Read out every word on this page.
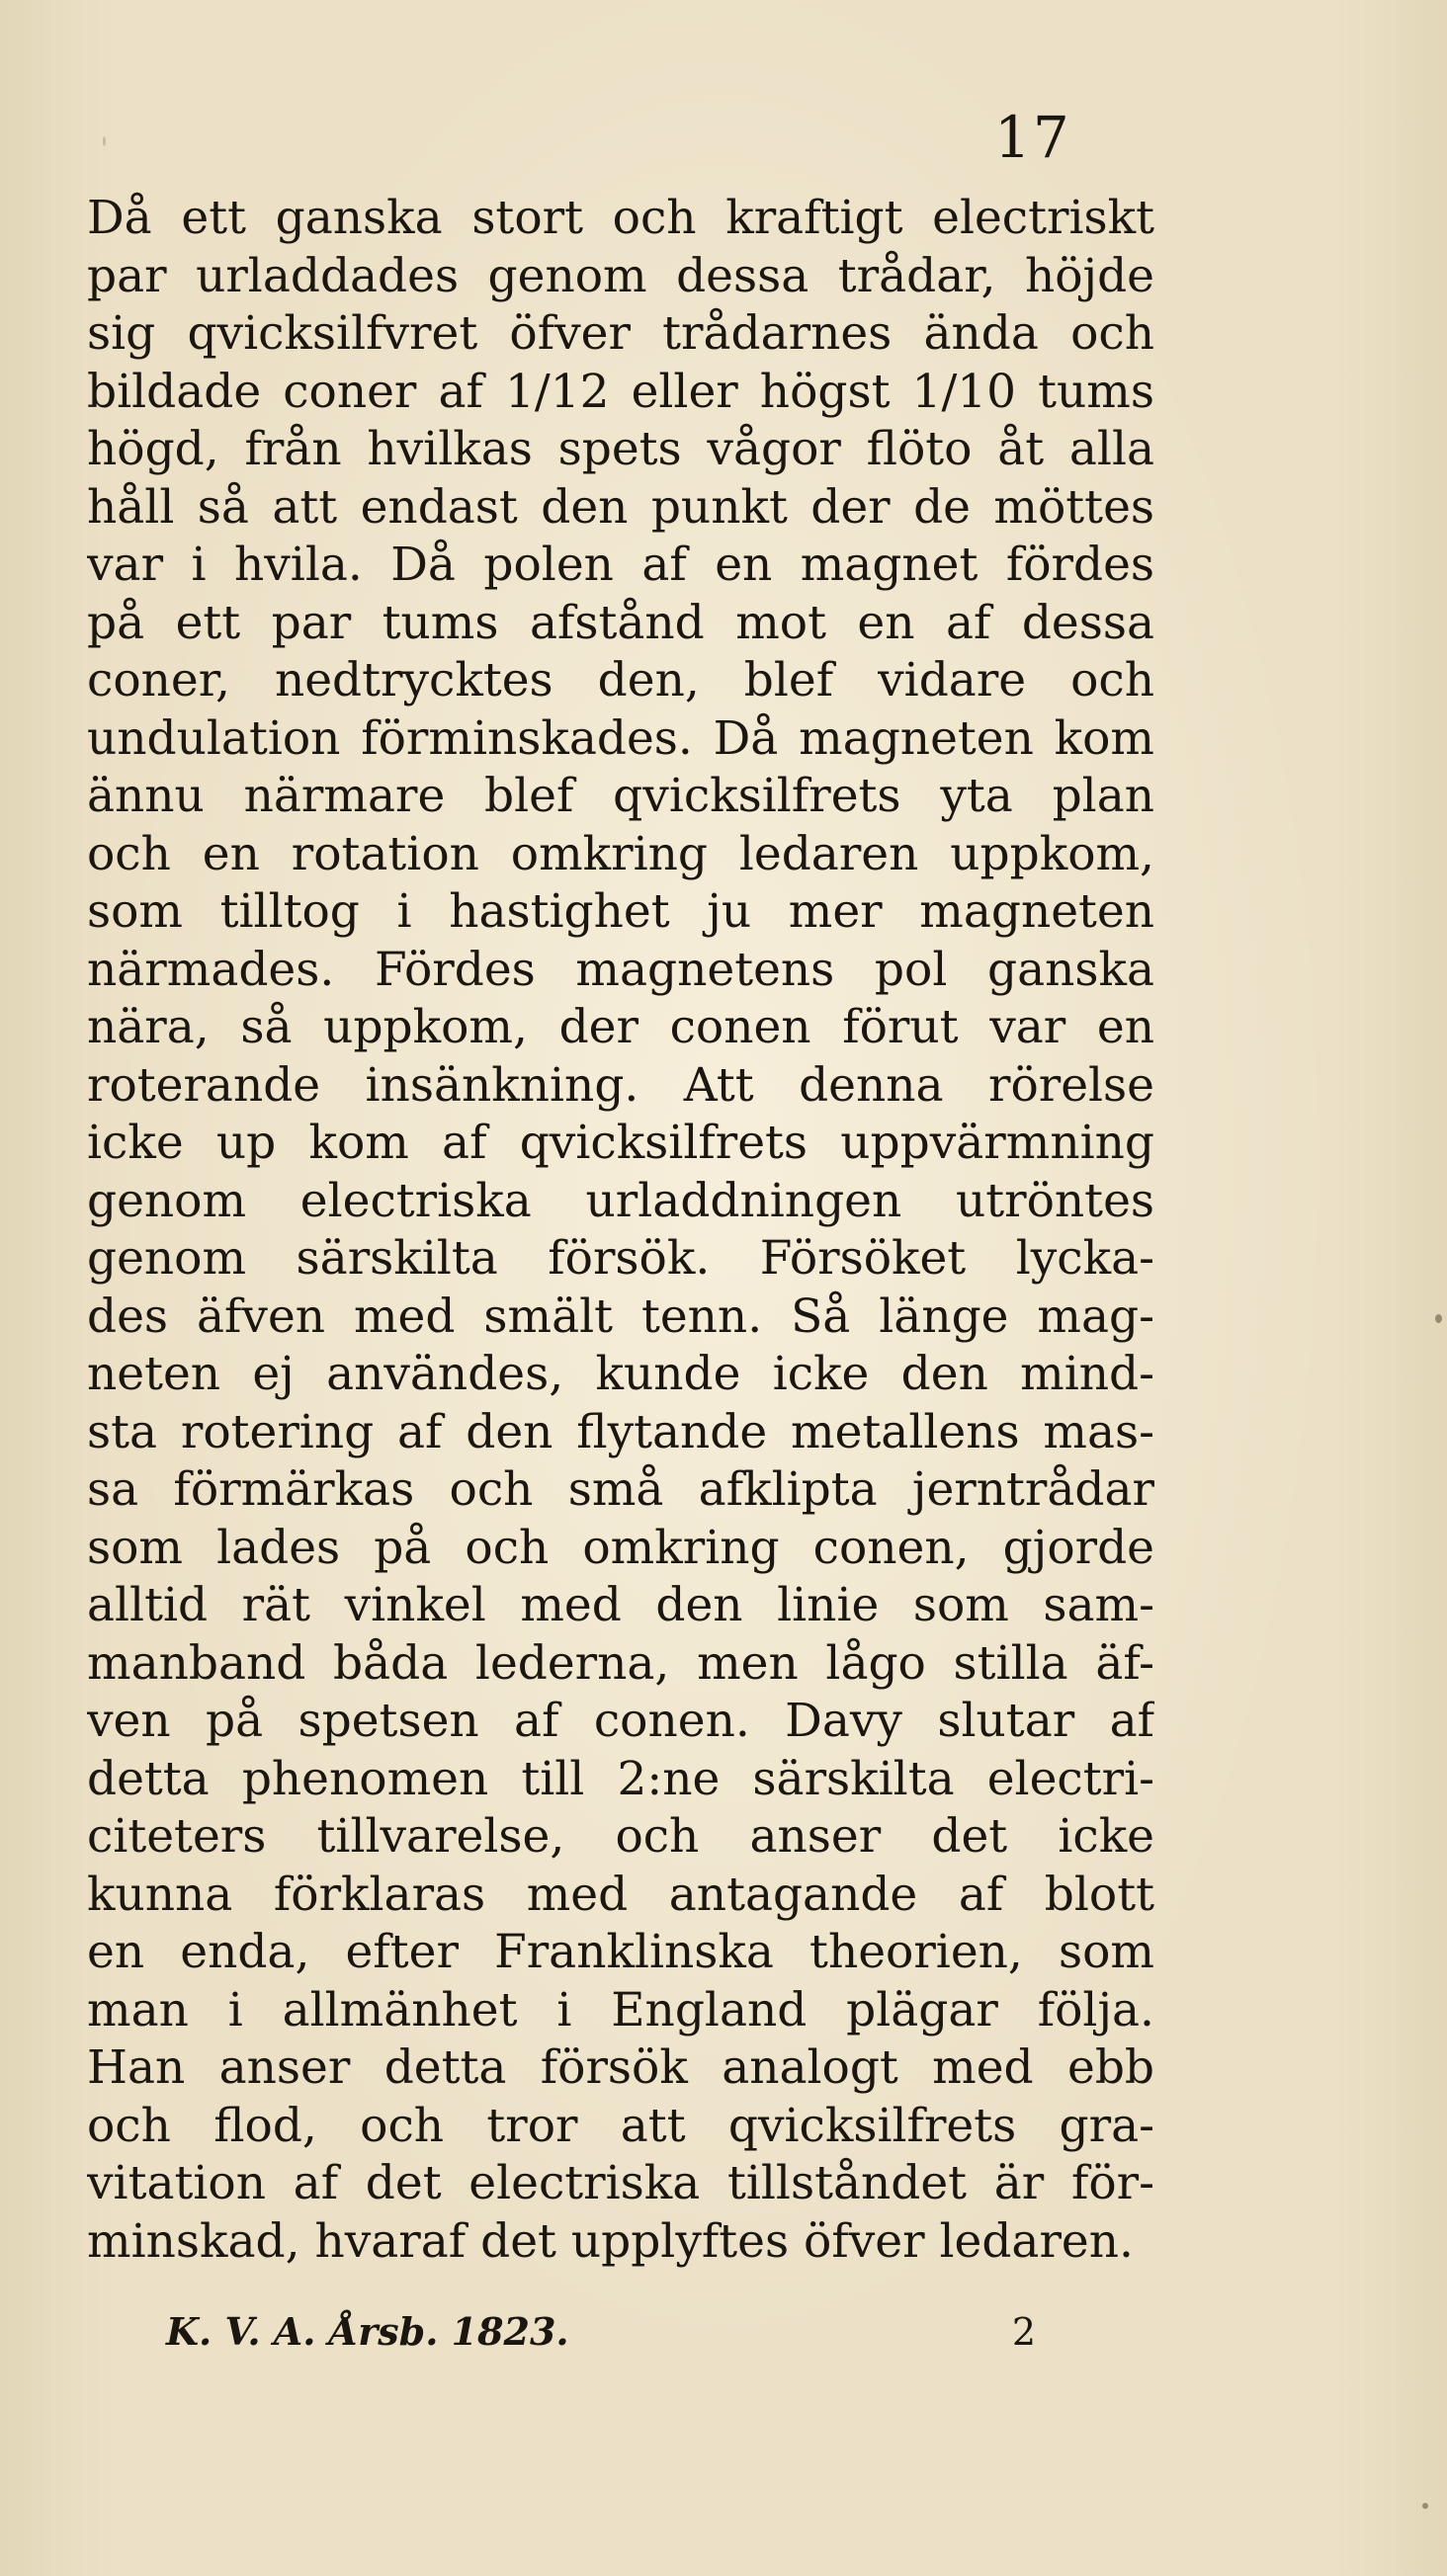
17
Då ett ganska stort och kraftigt electriskt
par urladdades genom dessa trådar, höjde
sig qvicksilfvret öfver trådarnes ända och
bildade coner af 1/12 eller högst 1/10 tums
högd, från hvilkas spets vågor flöto åt alla
håll så att endast den punkt der de möttes
var i hvila. Då polen af en magnet fördes
på ett par tums afstånd mot en af dessa
coner, nedtrycktes den, blef vidare och
undulation förminskades. Då magneten kom
ännu närmare blef qvicksilfrets yta plan
och en rotation omkring ledaren uppkom,
som tilltog i hastighet ju mer magneten
närmades. Fördes magnetens pol ganska
nära, så uppkom, der conen förut var en
roterande insänkning. Att denna rörelse
icke up kom af qvicksilfrets uppvärmning
genom electriska urladdningen utröntes
genom särskilta försök. Försöket lycka-
des äfven med smält tenn. Så länge mag-
neten ej användes, kunde icke den mind-
sta rotering af den flytande metallens mas-
sa förmärkas och små afklipta jerntrådar
som lades på och omkring conen, gjorde
alltid rät vinkel med den linie som sam-
manband båda lederna, men lågo stilla äf-
ven på spetsen af conen. Davy slutar af
detta phenomen till 2:ne särskilta electri-
citeters tillvarelse, och anser det icke
kunna förklaras med antagande af blott
en enda, efter Franklinska theorien, som
man i allmänhet i England plägar följa.
Han anser detta försök analogt med ebb
och flod, och tror att qvicksilfrets gra-
vitation af det electriska tillståndet är för-
minskad, hvaraf det upplyftes öfver ledaren.
K. V. A. Årsb. 1823.	2
